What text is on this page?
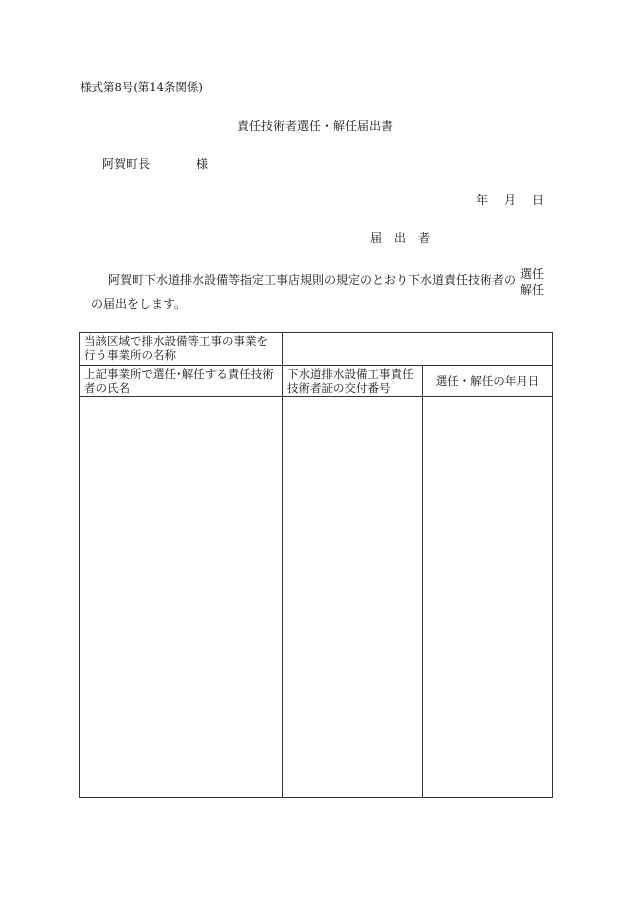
様式第8号(第14条関係)
責任技術者選任・解任届出書
阿賀町長	様
年 月 日
届　出　者
阿賀町下水道排水設備等指定工事店規則の規定のとおり下水道責任技術者の 選任
解任
の届出をします。
当該区域で排水設備等工事の事業を行う事業所の名称		
上記事業所で選任･解任する責任技術者の氏名	下水道排水設備工事責任技術者証の交付番号	選任・解任の年月日
